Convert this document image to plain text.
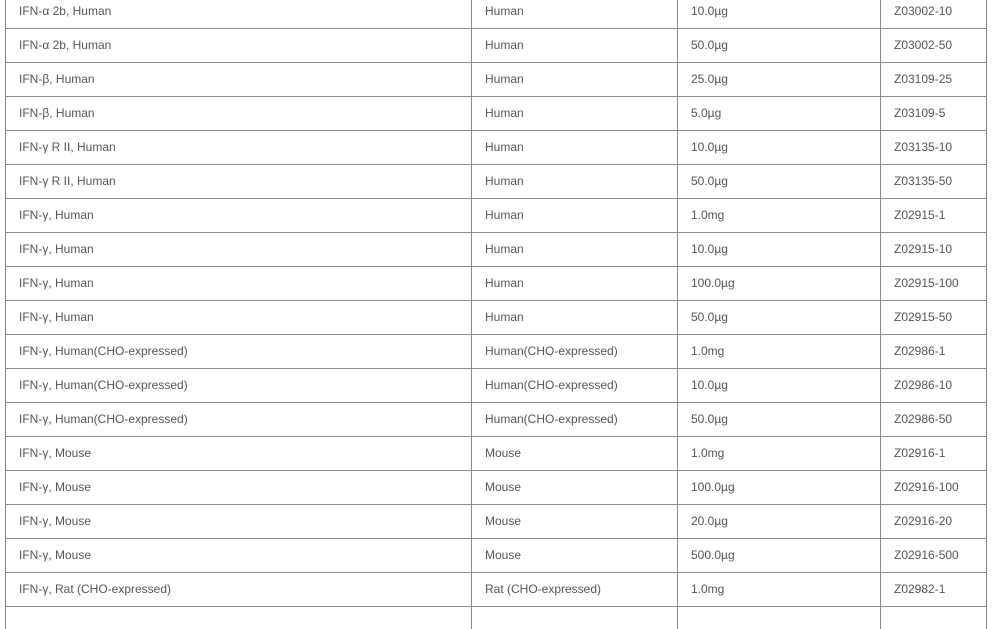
IFN-α 2b, Human	Human	10.0µg	Z03002-10
IFN-α 2b, Human	Human	50.0µg	Z03002-50
IFN-β, Human	Human	25.0µg	Z03109-25
IFN-β, Human	Human	5.0µg	Z03109-5
IFN-γ R II, Human	Human	10.0µg	Z03135-10
IFN-γ R II, Human	Human	50.0µg	Z03135-50
IFN-γ, Human	Human	1.0mg	Z02915-1
IFN-γ, Human	Human	10.0µg	Z02915-10
IFN-γ, Human	Human	100.0µg	Z02915-100
IFN-γ, Human	Human	50.0µg	Z02915-50
IFN-γ, Human(CHO-expressed)	Human(CHO-expressed)	1.0mg	Z02986-1
IFN-γ, Human(CHO-expressed)	Human(CHO-expressed)	10.0µg	Z02986-10
IFN-γ, Human(CHO-expressed)	Human(CHO-expressed)	50.0µg	Z02986-50
IFN-γ, Mouse	Mouse	1.0mg	Z02916-1
IFN-γ, Mouse	Mouse	100.0µg	Z02916-100
IFN-γ, Mouse	Mouse	20.0µg	Z02916-20
IFN-γ, Mouse	Mouse	500.0µg	Z02916-500
IFN-γ, Rat (CHO-expressed)	Rat (CHO-expressed)	1.0mg	Z02982-1
